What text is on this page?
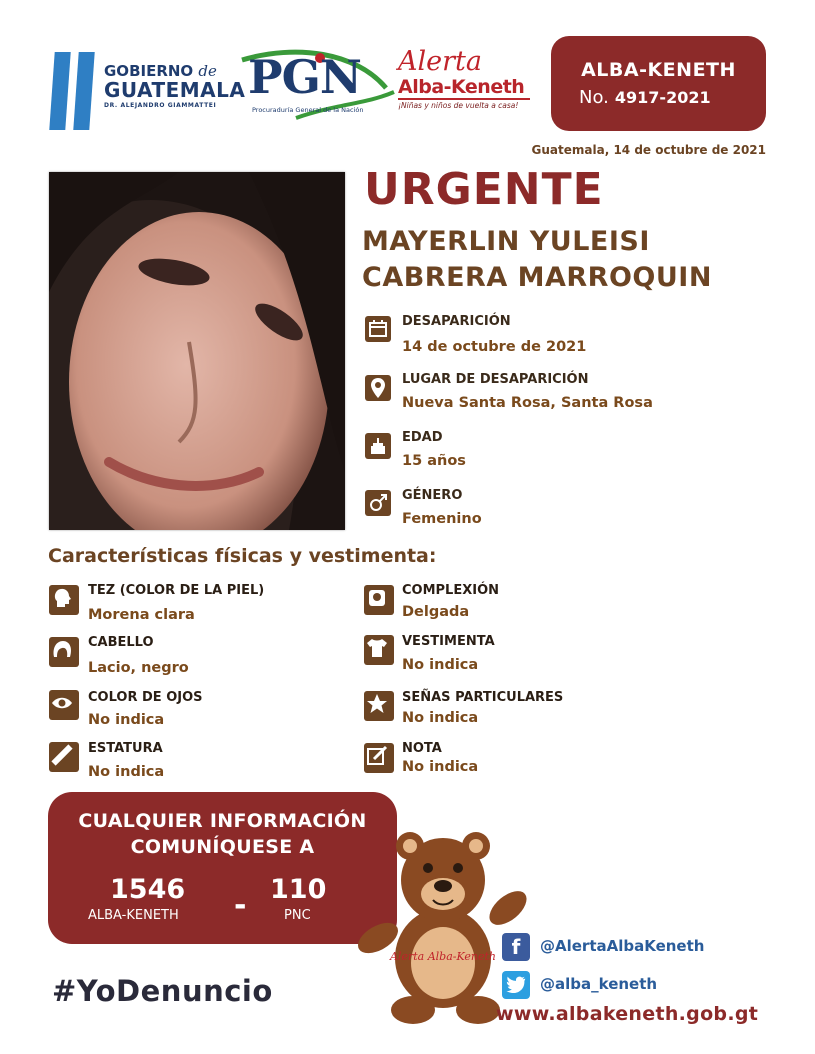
GOBIERNO de
GUATEMALA
DR. ALEJANDRO GIAMMATTEI
PGN
Procuraduría General de la Nación
Alerta
Alba-Keneth
¡Niñas y niños de vuelta a casa!
ALBA-KENETH
No. 4917-2021
Guatemala, 14 de octubre de 2021
URGENTE
MAYERLIN YULEISI
CABRERA MARROQUIN
DESAPARICIÓN
14 de octubre de 2021
LUGAR DE DESAPARICIÓN
Nueva Santa Rosa, Santa Rosa
EDAD
15 años
GÉNERO
Femenino
Características físicas y vestimenta:
TEZ (COLOR DE LA PIEL)
Morena clara
CABELLO
Lacio, negro
COLOR DE OJOS
No indica
ESTATURA
No indica
COMPLEXIÓN
Delgada
VESTIMENTA
No indica
SEÑAS PARTICULARES
No indica
NOTA
No indica
CUALQUIER INFORMACIÓN
COMUNÍQUESE A
1546
ALBA-KENETH - 110
PNC
#YoDenuncio
Alerta Alba-Keneth f	@AlertaAlbaKeneth
@alba_keneth
www.albakeneth.gob.gt
